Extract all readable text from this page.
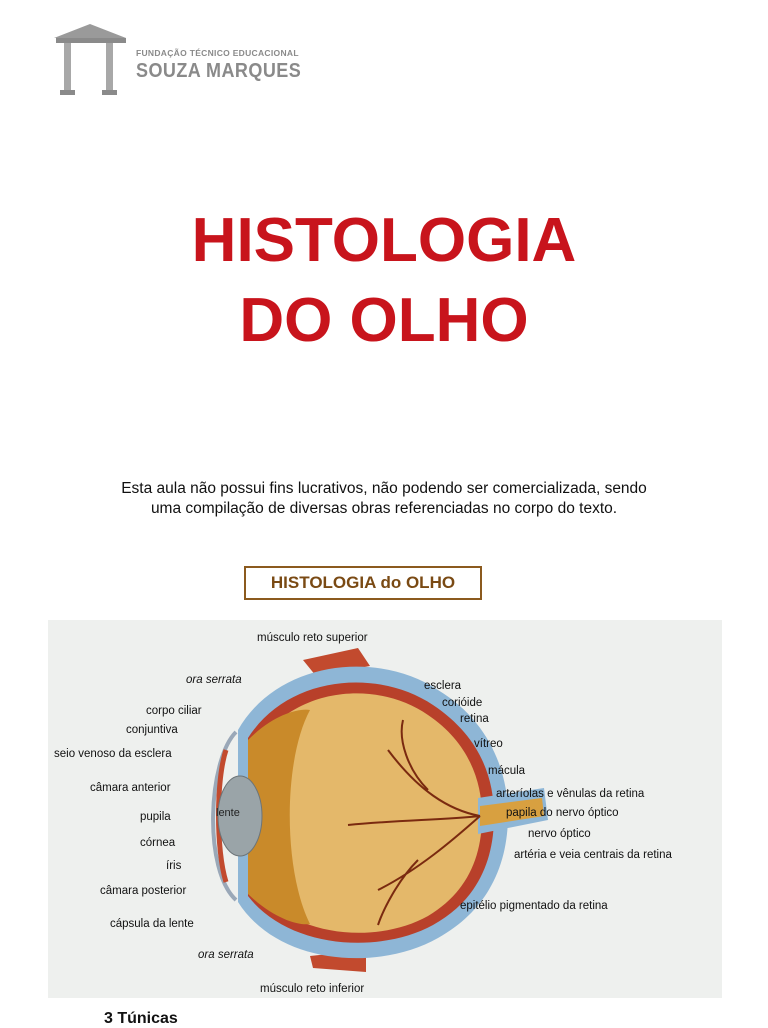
FUNDAÇÃO TÉCNICO EDUCACIONAL
SOUZA MARQUES
HISTOLOGIA
DO OLHO
Esta aula não possui fins lucrativos, não podendo ser comercializada, sendo
uma compilação de diversas obras referenciadas no corpo do texto.
HISTOLOGIA do OLHO
lente
músculo reto superior
ora serrata	esclera
corióide
corpo ciliar
retina
conjuntiva
vítreo
seio venoso da esclera
mácula
câmara anterior	arteríolas e vênulas da retina
papila do nervo óptico
pupila
nervo óptico
córnea
artéria e veia centrais da retina
íris
câmara posterior
epitélio pigmentado da retina
cápsula da lente
ora serrata
músculo reto inferior
3 Túnicas
